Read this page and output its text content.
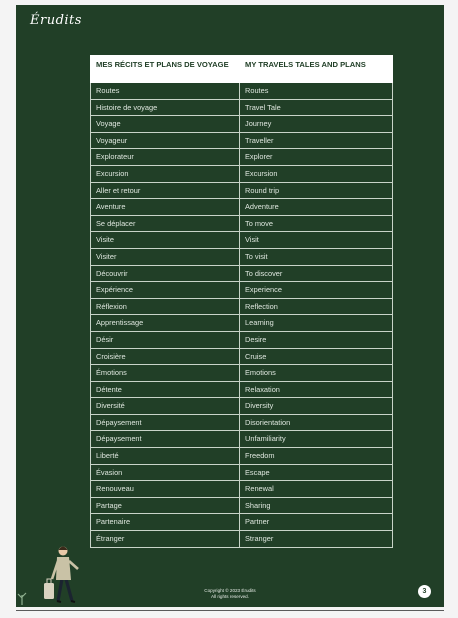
Érudits
MES RÉCITS ET PLANS DE VOYAGE	MY TRAVELS TALES AND PLANS
Routes	Routes
Histoire de voyage	Travel Tale
Voyage	Journey
Voyageur	Traveller
Explorateur	Explorer
Excursion	Excursion
Aller et retour	Round trip
Aventure	Adventure
Se déplacer	To move
Visite	Visit
Visiter	To visit
Découvrir	To discover
Expérience	Experience
Réflexion	Reflection
Apprentissage	Learning
Désir	Desire
Croisière	Cruise
Émotions	Emotions
Détente	Relaxation
Diversité	Diversity
Dépaysement	Disorientation
Dépaysement	Unfamiliarity
Liberté	Freedom
Évasion	Escape
Renouveau	Renewal
Partage	Sharing
Partenaire	Partner
Étranger	Stranger
Copyright © 2023 Érudits
All rights reserved.
3
